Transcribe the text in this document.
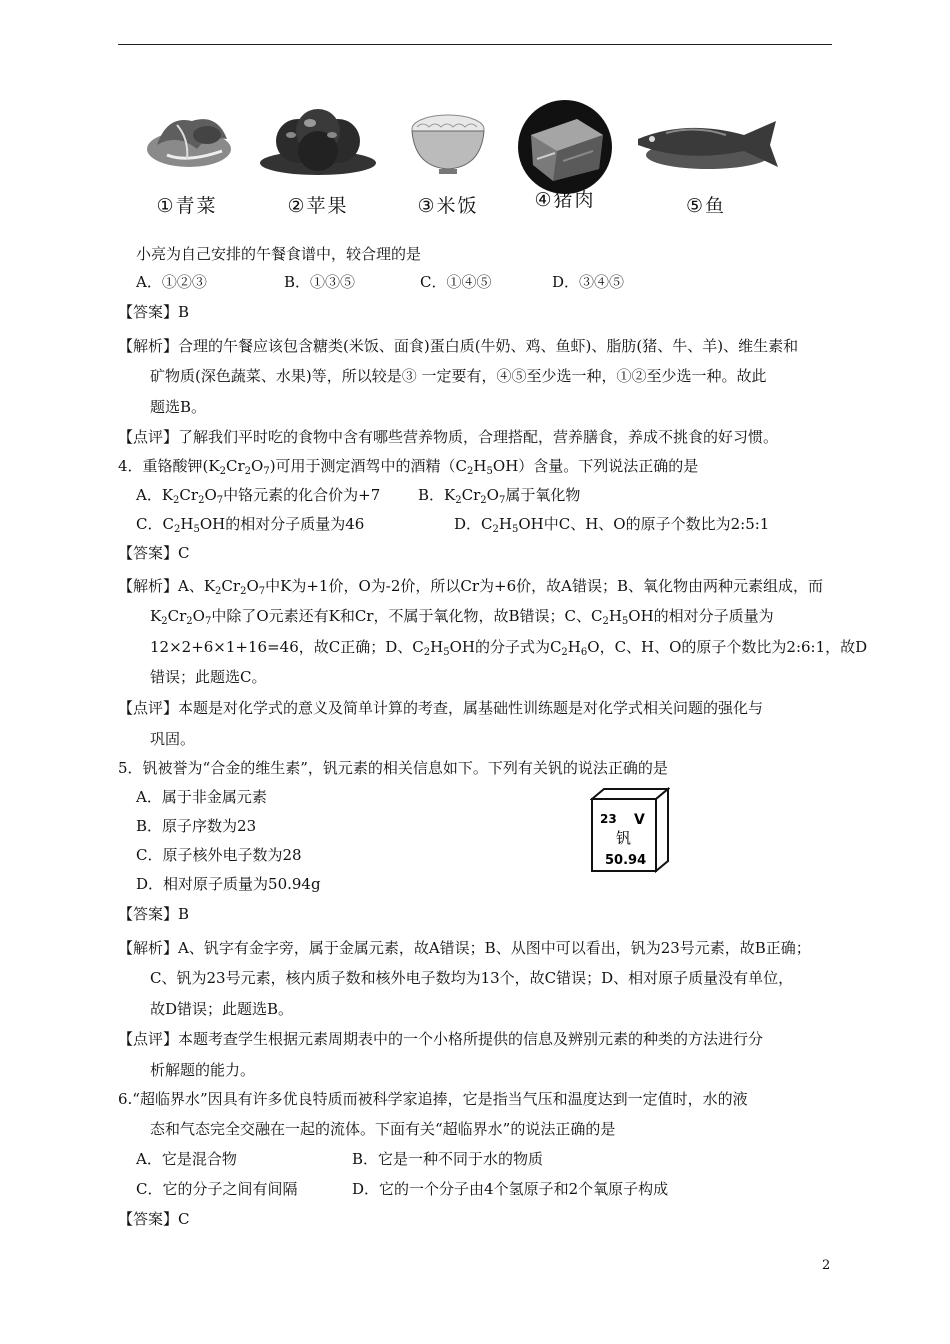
①青菜	②苹果	③米饭	④猪肉	⑤鱼
小亮为自己安排的午餐食谱中，较合理的是
A．①②③	B．①③⑤	C．①④⑤	D．③④⑤
【答案】B
【解析】合理的午餐应该包含糖类(米饭、面食)蛋白质(牛奶、鸡、鱼虾)、脂肪(猪、牛、羊)、维生素和
矿物质(深色蔬菜、水果)等，所以较是③ 一定要有，④⑤至少选一种，①②至少选一种。故此
题选B。
【点评】了解我们平时吃的食物中含有哪些营养物质，合理搭配，营养膳食，养成不挑食的好习惯。
4．重铬酸钾$(K_2Cr_2O_7)$可用于测定酒驾中的酒精$(C_2H_5OH)$含量。下列说法正确的是
A．$K_2Cr_2O_7$中铬元素的化合价为+7	B．$K_2Cr_2O_7$属于氧化物
C．$C_2H_5OH$的相对分子质量为46	D．$C_2H_5OH$中C、H、O的原子个数比为2:5:1
【答案】C
【解析】A、$K_2Cr_2O_7$中K为+1价，O为-2价，所以Cr为+6价，故A错误；B、氧化物由两种元素组成，而
$K_2Cr_2O_7$中除了O元素还有K和Cr，不属于氧化物，故B错误；C、$C_2H_5OH$的相对分子质量为
12×2+6×1+16=46，故C正确；D、$C_2H_5OH$的分子式为$C_2H_6O$，C、H、O的原子个数比为2:6:1，故D
错误；此题选C。
【点评】本题是对化学式的意义及简单计算的考查，属基础性训练题是对化学式相关问题的强化与
巩固。
5．钒被誉为“合金的维生素”，钒元素的相关信息如下。下列有关钒的说法正确的是
A．属于非金属元素
B．原子序数为23
C．原子核外电子数为28
D．相对原子质量为50.94g
23 V
钒
50.94
【答案】B
【解析】A、钒字有金字旁，属于金属元素，故A错误；B、从图中可以看出，钒为23号元素，故B正确；
C、钒为23号元素，核内质子数和核外电子数均为13个，故C错误；D、相对原子质量没有单位，
故D错误；此题选B。
【点评】本题考查学生根据元素周期表中的一个小格所提供的信息及辨别元素的种类的方法进行分
析解题的能力。
6.“超临界水”因具有许多优良特质而被科学家追捧，它是指当气压和温度达到一定值时，水的液
态和气态完全交融在一起的流体。下面有关“超临界水”的说法正确的是
A．它是混合物	B．它是一种不同于水的物质
C．它的分子之间有间隔	D．它的一个分子由4个氢原子和2个氧原子构成
【答案】C
2
